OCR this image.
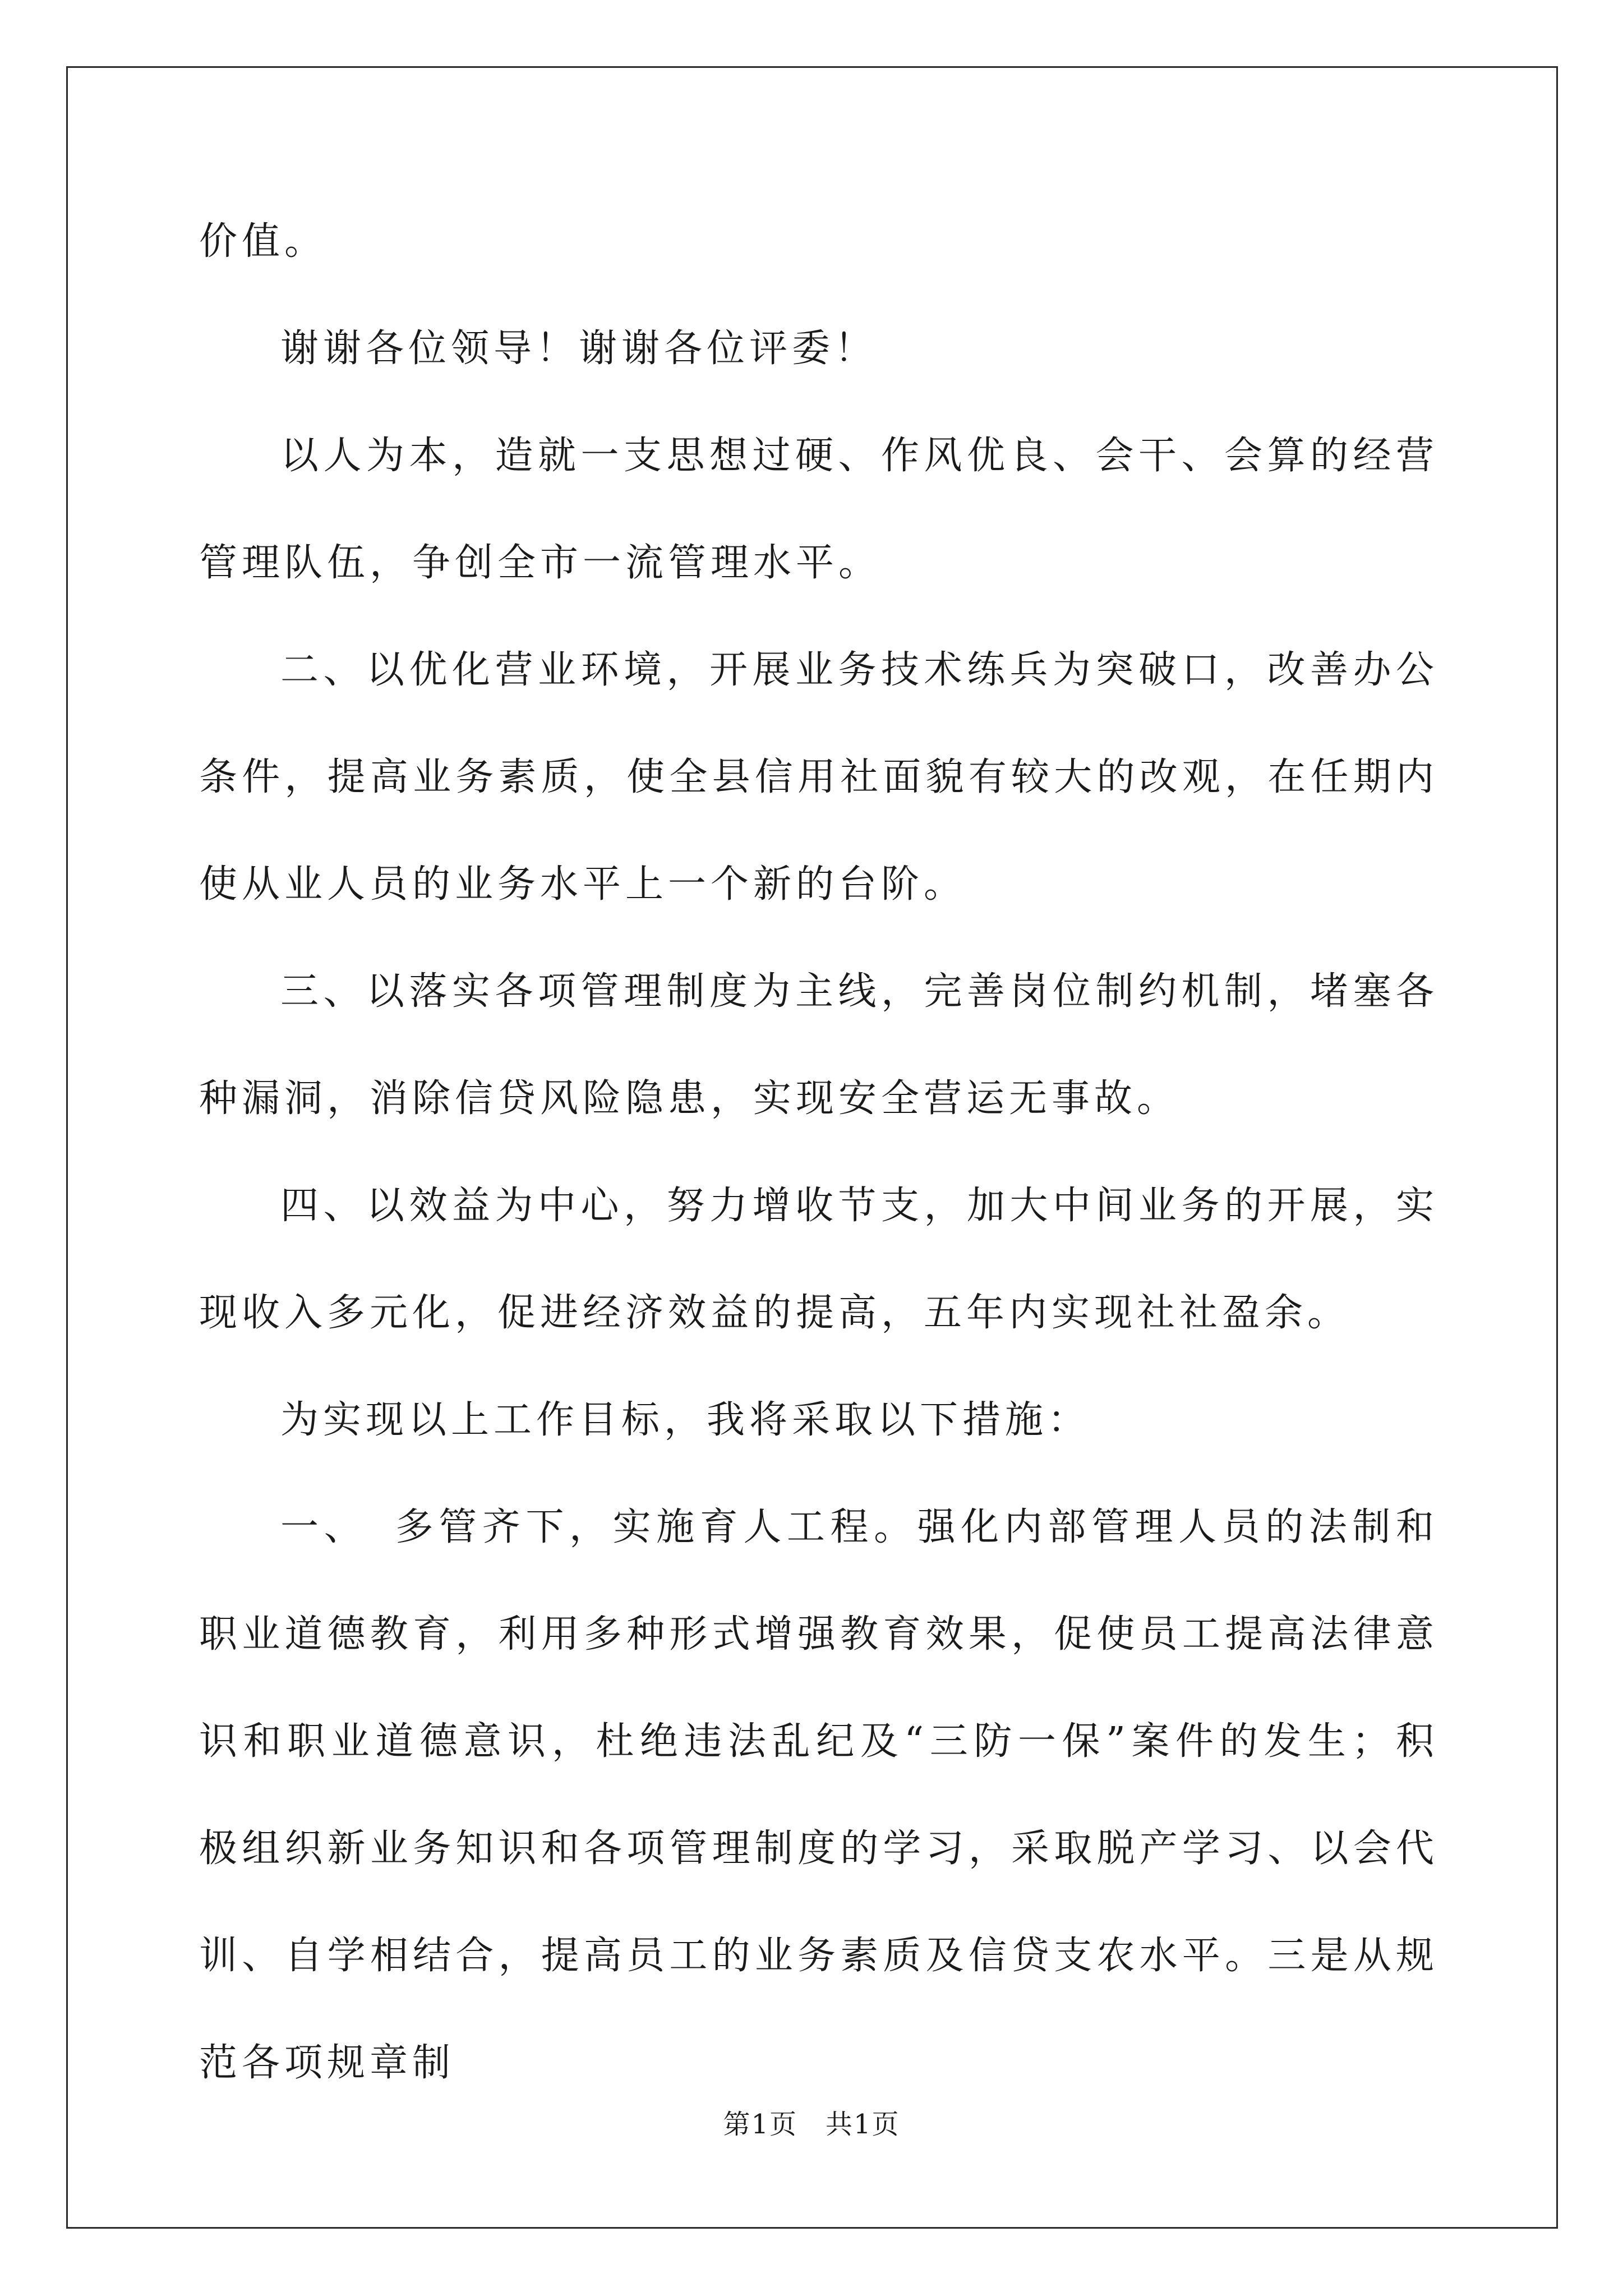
价值。

谢谢各位领导！谢谢各位评委！

以人为本，造就一支思想过硬、作风优良、会干、会算的经营管理队伍，争创全市一流管理水平。

二、以优化营业环境，开展业务技术练兵为突破口，改善办公条件，提高业务素质，使全县信用社面貌有较大的改观，在任期内使从业人员的业务水平上一个新的台阶。

三、以落实各项管理制度为主线，完善岗位制约机制，堵塞各种漏洞，消除信贷风险隐患，实现安全营运无事故。

四、以效益为中心，努力增收节支，加大中间业务的开展，实现收入多元化，促进经济效益的提高，五年内实现社社盈余。

为实现以上工作目标，我将采取以下措施：

一、 多管齐下，实施育人工程。强化内部管理人员的法制和职业道德教育，利用多种形式增强教育效果，促使员工提高法律意识和职业道德意识，杜绝违法乱纪及“三防一保”案件的发生；积极组织新业务知识和各项管理制度的学习，采取脱产学习、以会代训、自学相结合，提高员工的业务素质及信贷支农水平。三是从规范各项规章制

第1页 共1页
